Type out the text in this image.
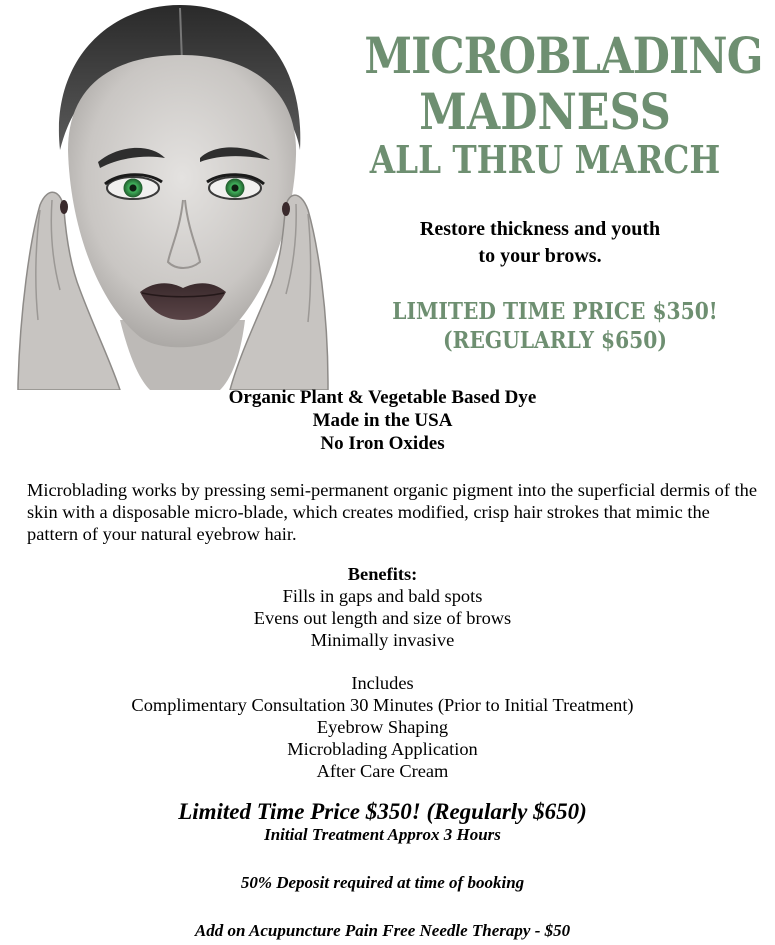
MICROBLADING
MADNESS
ALL THRU MARCH
Restore thickness and youth
to your brows.
LIMITED TIME PRICE $350!
(REGULARLY $650)
Organic Plant & Vegetable Based Dye
Made in the USA
No Iron Oxides

Microblading works by pressing semi-permanent organic pigment into the superficial dermis of the skin with a disposable micro-blade, which creates modified, crisp hair strokes that mimic the pattern of your natural eyebrow hair.

Benefits:
Fills in gaps and bald spots
Evens out length and size of brows
Minimally invasive
Includes
Complimentary Consultation 30 Minutes (Prior to Initial Treatment)
Eyebrow Shaping
Microblading Application
After Care Cream
Limited Time Price $350! (Regularly $650)
Initial Treatment Approx 3 Hours
50% Deposit required at time of booking
Add on Acupuncture Pain Free Needle Therapy - $50
